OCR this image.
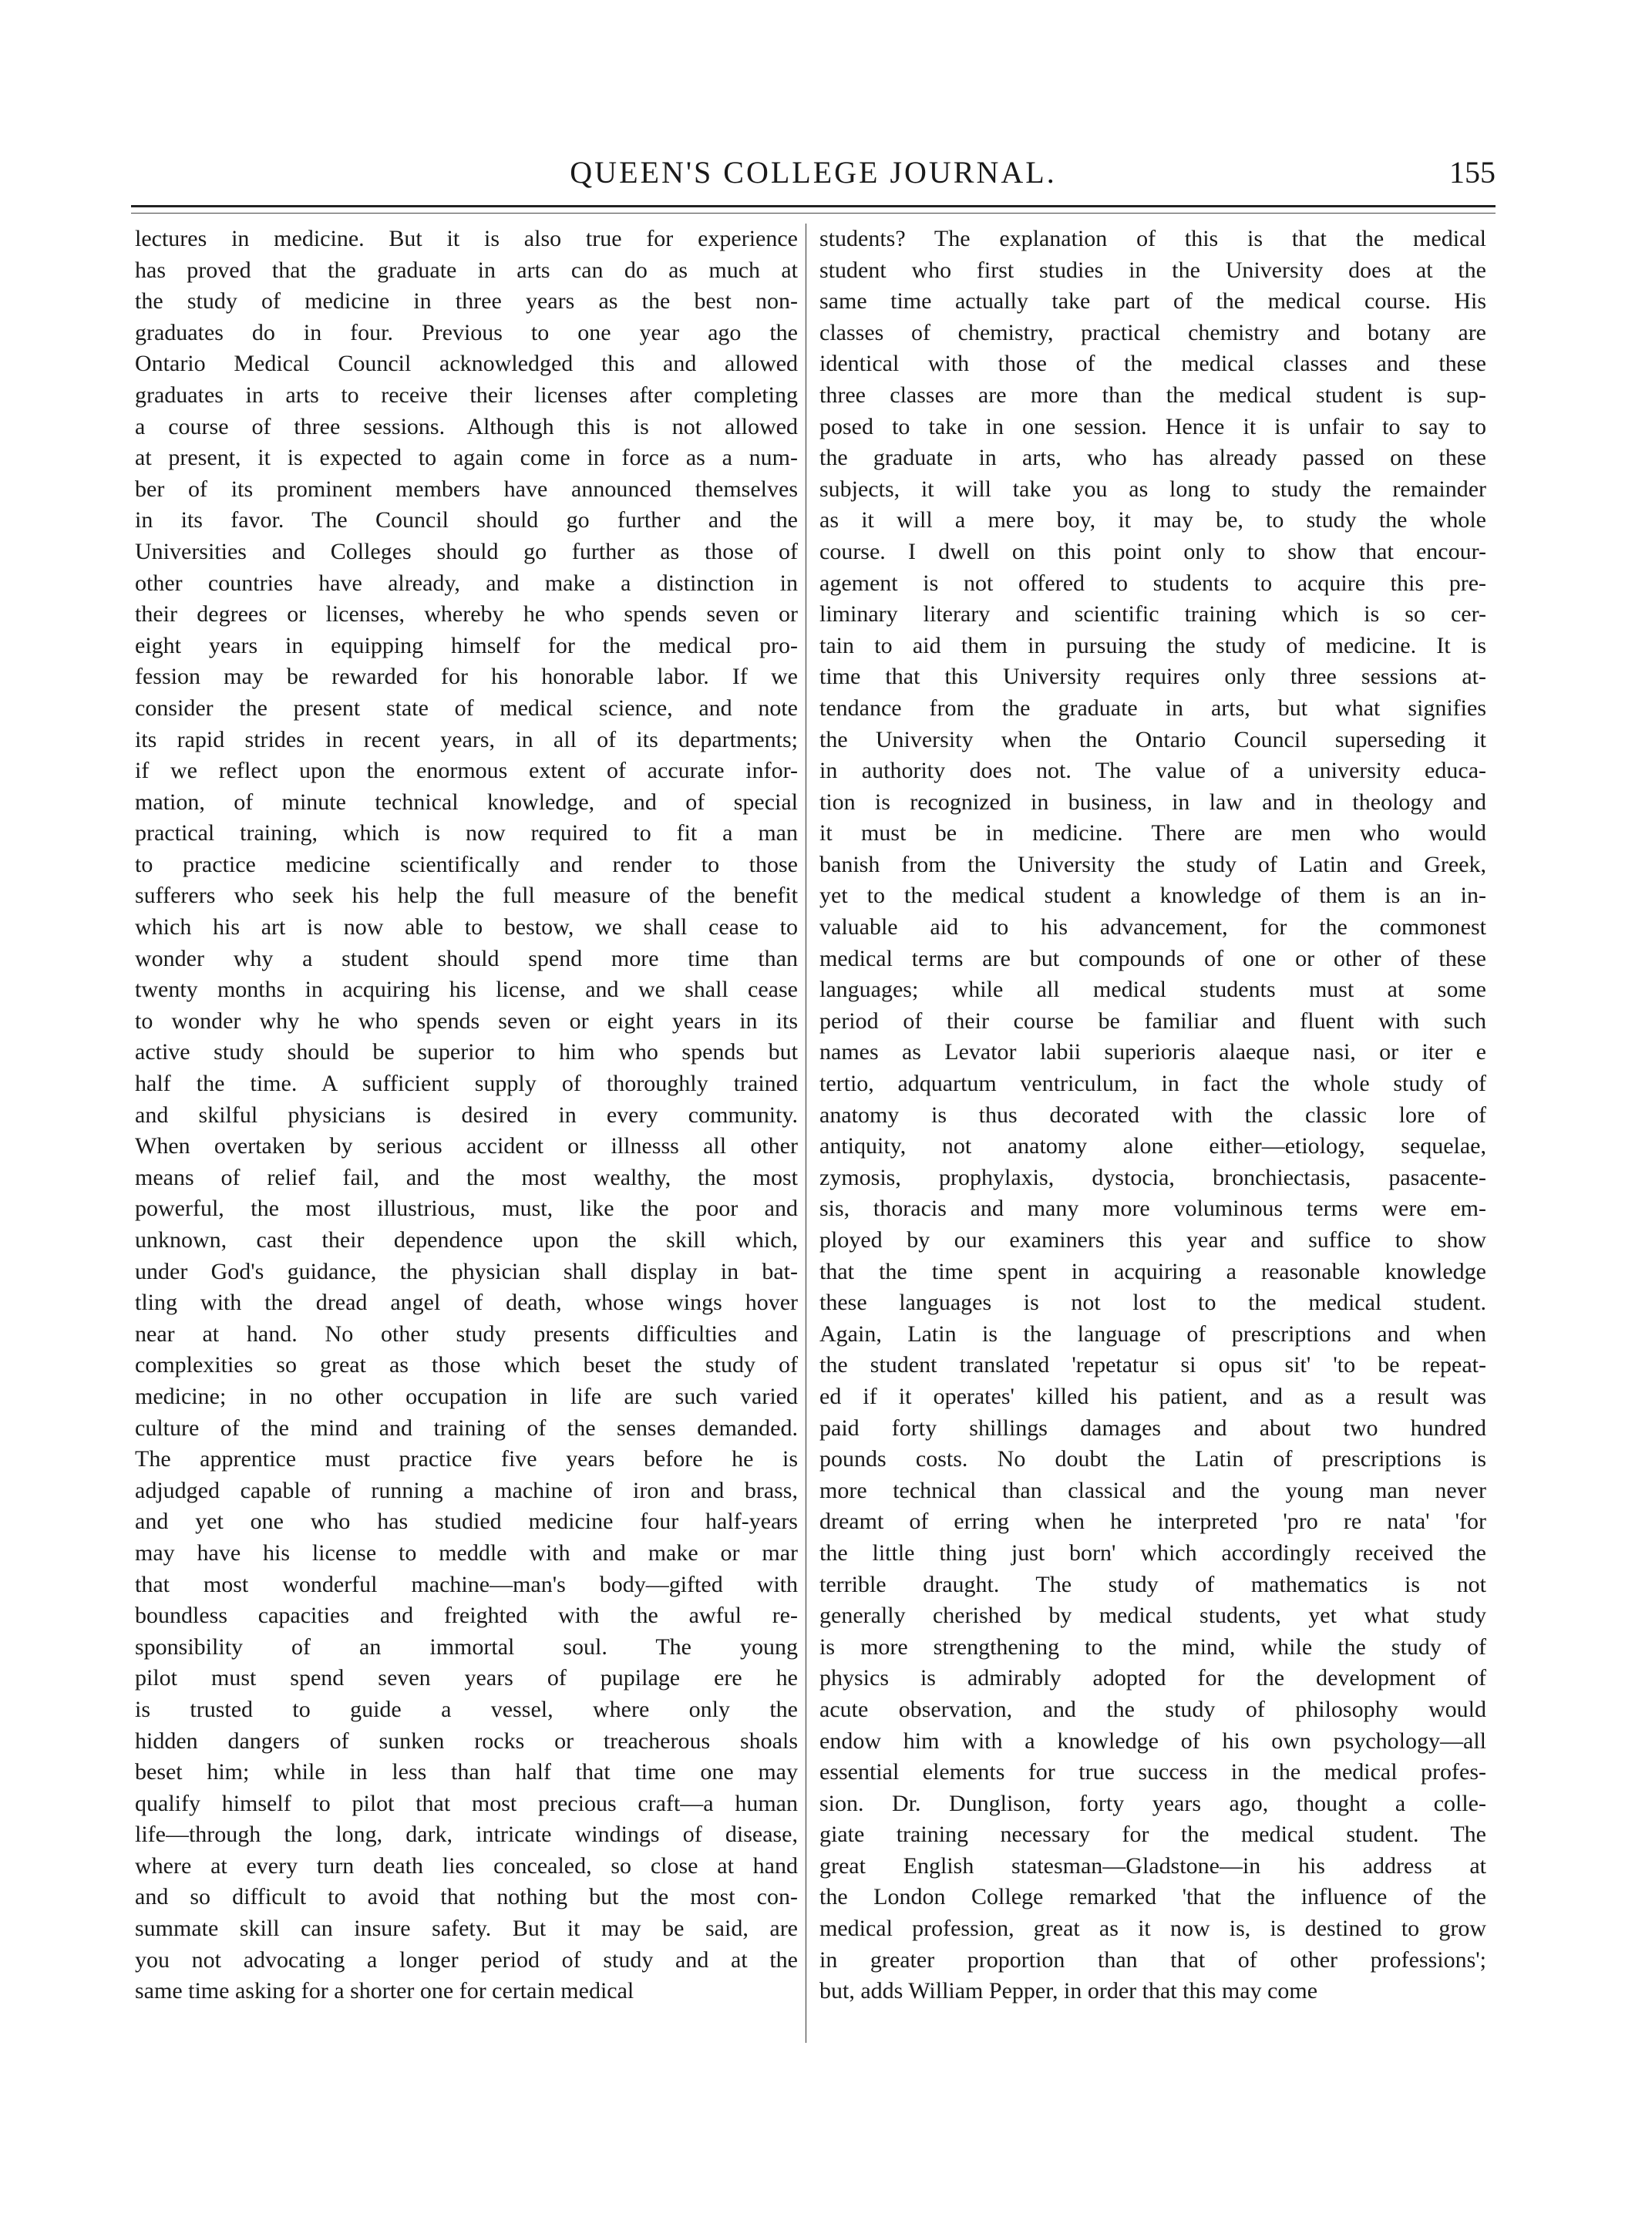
QUEEN'S COLLEGE JOURNAL.	155
lectures in medicine. But it is also true for experience
has proved that the graduate in arts can do as much at
the study of medicine in three years as the best non-
graduates do in four. Previous to one year ago the
Ontario Medical Council acknowledged this and allowed
graduates in arts to receive their licenses after completing
a course of three sessions. Although this is not allowed
at present, it is expected to again come in force as a num-
ber of its prominent members have announced themselves
in its favor. The Council should go further and the
Universities and Colleges should go further as those of
other countries have already, and make a distinction in
their degrees or licenses, whereby he who spends seven or
eight years in equipping himself for the medical pro-
fession may be rewarded for his honorable labor. If we
consider the present state of medical science, and note
its rapid strides in recent years, in all of its departments;
if we reflect upon the enormous extent of accurate infor-
mation, of minute technical knowledge, and of special
practical training, which is now required to fit a man
to practice medicine scientifically and render to those
sufferers who seek his help the full measure of the benefit
which his art is now able to bestow, we shall cease to
wonder why a student should spend more time than
twenty months in acquiring his license, and we shall cease
to wonder why he who spends seven or eight years in its
active study should be superior to him who spends but
half the time. A sufficient supply of thoroughly trained
and skilful physicians is desired in every community.
When overtaken by serious accident or illnesss all other
means of relief fail, and the most wealthy, the most
powerful, the most illustrious, must, like the poor and
unknown, cast their dependence upon the skill which,
under God's guidance, the physician shall display in bat-
tling with the dread angel of death, whose wings hover
near at hand. No other study presents difficulties and
complexities so great as those which beset the study of
medicine; in no other occupation in life are such varied
culture of the mind and training of the senses demanded.
The apprentice must practice five years before he is
adjudged capable of running a machine of iron and brass,
and yet one who has studied medicine four half-years
may have his license to meddle with and make or mar
that most wonderful machine—man's body—gifted with
boundless capacities and freighted with the awful re-
sponsibility of an immortal soul. The young
pilot must spend seven years of pupilage ere he
is trusted to guide a vessel, where only the
hidden dangers of sunken rocks or treacherous shoals
beset him; while in less than half that time one may
qualify himself to pilot that most precious craft—a human
life—through the long, dark, intricate windings of disease,
where at every turn death lies concealed, so close at hand
and so difficult to avoid that nothing but the most con-
summate skill can insure safety. But it may be said, are
you not advocating a longer period of study and at the
same time asking for a shorter one for certain medical
students? The explanation of this is that the medical
student who first studies in the University does at the
same time actually take part of the medical course. His
classes of chemistry, practical chemistry and botany are
identical with those of the medical classes and these
three classes are more than the medical student is sup-
posed to take in one session. Hence it is unfair to say to
the graduate in arts, who has already passed on these
subjects, it will take you as long to study the remainder
as it will a mere boy, it may be, to study the whole
course. I dwell on this point only to show that encour-
agement is not offered to students to acquire this pre-
liminary literary and scientific training which is so cer-
tain to aid them in pursuing the study of medicine. It is
time that this University requires only three sessions at-
tendance from the graduate in arts, but what signifies
the University when the Ontario Council superseding it
in authority does not. The value of a university educa-
tion is recognized in business, in law and in theology and
it must be in medicine. There are men who would
banish from the University the study of Latin and Greek,
yet to the medical student a knowledge of them is an in-
valuable aid to his advancement, for the commonest
medical terms are but compounds of one or other of these
languages; while all medical students must at some
period of their course be familiar and fluent with such
names as Levator labii superioris alaeque nasi, or iter e
tertio, adquartum ventriculum, in fact the whole study of
anatomy is thus decorated with the classic lore of
antiquity, not anatomy alone either—etiology, sequelae,
zymosis, prophylaxis, dystocia, bronchiectasis, pasacente-
sis, thoracis and many more voluminous terms were em-
ployed by our examiners this year and suffice to show
that the time spent in acquiring a reasonable knowledge
these languages is not lost to the medical student.
Again, Latin is the language of prescriptions and when
the student translated 'repetatur si opus sit' 'to be repeat-
ed if it operates' killed his patient, and as a result was
paid forty shillings damages and about two hundred
pounds costs. No doubt the Latin of prescriptions is
more technical than classical and the young man never
dreamt of erring when he interpreted 'pro re nata' 'for
the little thing just born' which accordingly received the
terrible draught. The study of mathematics is not
generally cherished by medical students, yet what study
is more strengthening to the mind, while the study of
physics is admirably adopted for the development of
acute observation, and the study of philosophy would
endow him with a knowledge of his own psychology—all
essential elements for true success in the medical profes-
sion. Dr. Dunglison, forty years ago, thought a colle-
giate training necessary for the medical student. The
great English statesman—Gladstone—in his address at
the London College remarked 'that the influence of the
medical profession, great as it now is, is destined to grow
in greater proportion than that of other professions';
but, adds William Pepper, in order that this may come
